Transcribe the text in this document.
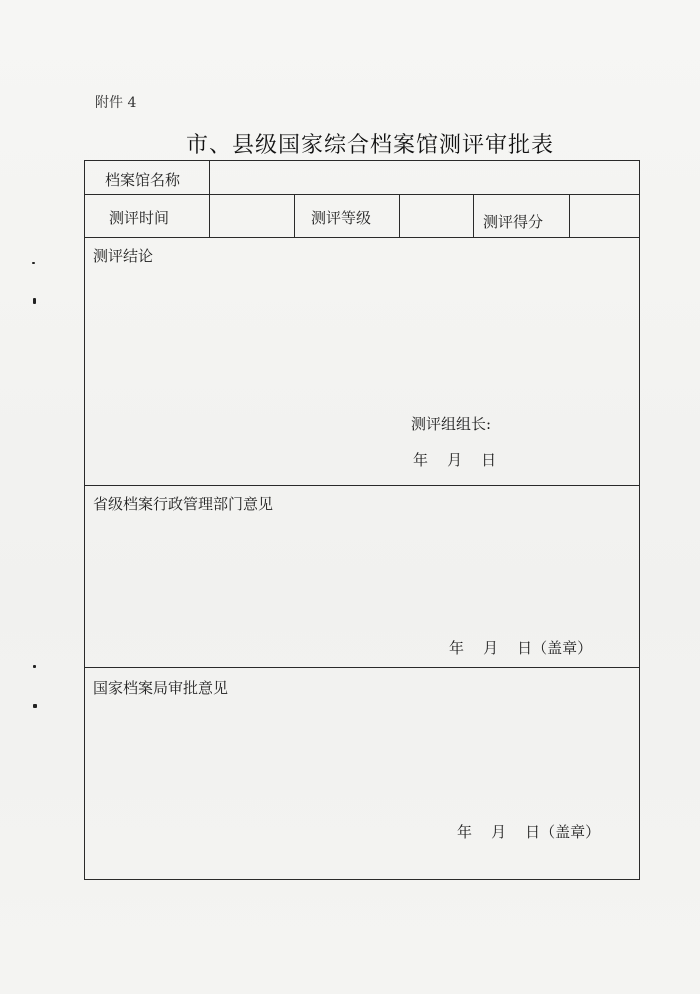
附件 4
市、县级国家综合档案馆测评审批表
档案馆名称
测评时间	测评等级	测评得分
测评结论
测评组组长:
年    月    日
省级档案行政管理部门意见
年    月    日（盖章）
国家档案局审批意见
年    月    日（盖章）
